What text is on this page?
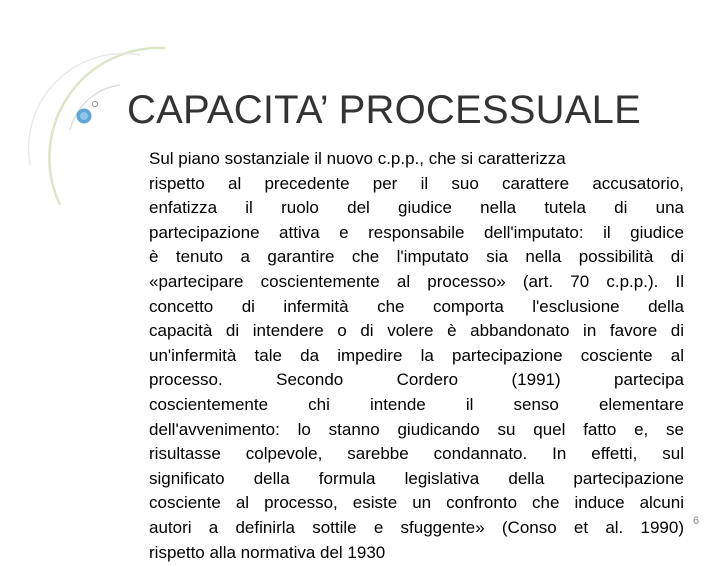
CAPACITA’ PROCESSUALE
Sul piano sostanziale il nuovo c.p.p., che si caratterizza
rispetto al precedente per il suo carattere accusatorio,
enfatizza il ruolo del giudice nella tutela di una
partecipazione attiva e responsabile dell'imputato: il giudice
è tenuto a garantire che l'imputato sia nella possibilità di
«partecipare coscientemente al processo» (art. 70 c.p.p.). Il
concetto di infermità che comporta l'esclusione della
capacità di intendere o di volere è abbandonato in favore di
un'infermità tale da impedire la partecipazione cosciente al
processo. Secondo Cordero (1991) partecipa
coscientemente chi intende il senso elementare
dell'avvenimento: lo stanno giudicando su quel fatto e, se
risultasse colpevole, sarebbe condannato. In effetti, sul
significato della formula legislativa della partecipazione
cosciente al processo, esiste un confronto che induce alcuni
autori a definirla sottile e sfuggente» (Conso et al. 1990)
rispetto alla normativa del 1930
6
